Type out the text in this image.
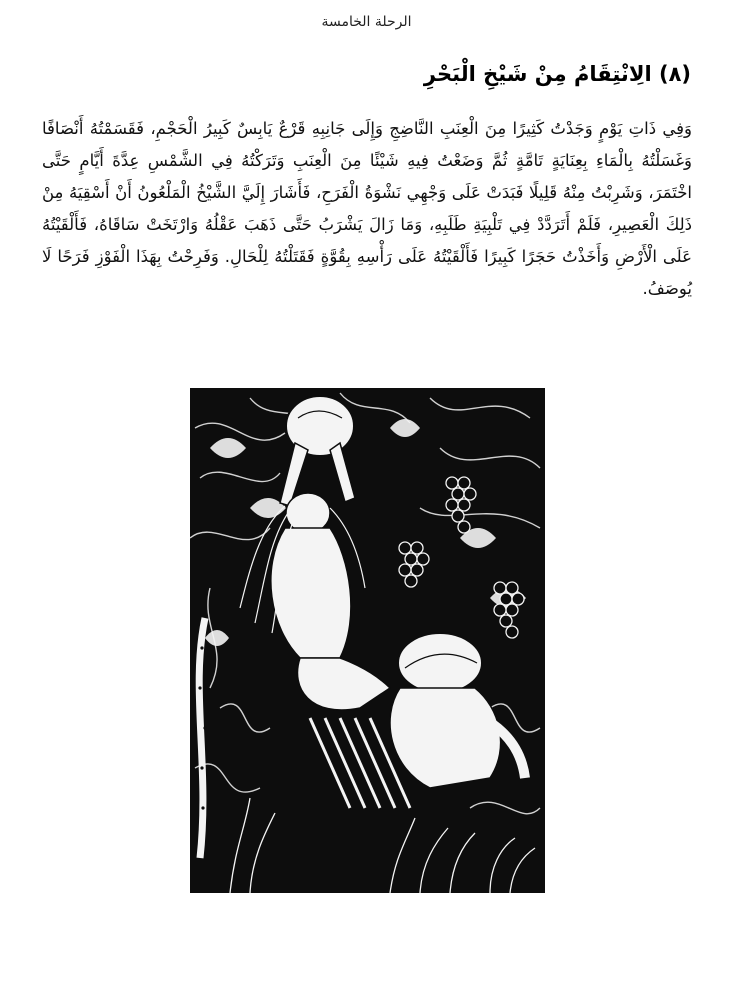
الرحلة الخامسة
(٨) الِانْتِقَامُ مِنْ شَيْخِ الْبَحْرِ

وَفِي ذَاتِ يَوْمٍ وَجَدْتُ كَثِيرًا مِنَ الْعِنَبِ النَّاضِجِ وَإِلَى جَانِبِهِ قَرْعٌ يَابِسٌ كَبِيرُ الْحَجْمِ، فَقَسَمْتُهُ أَنْصَافًا وَغَسَلْتُهُ بِالْمَاءِ بِعِنَايَةٍ تَامَّةٍ ثُمَّ وَضَعْتُ فِيهِ شَيْئًا مِنَ الْعِنَبِ وَتَرَكْتُهُ فِي الشَّمْسِ عِدَّةَ أَيَّامٍ حَتَّى اخْتَمَرَ، وَشَرِبْتُ مِنْهُ قَلِيلًا فَبَدَتْ عَلَى وَجْهِي نَشْوَةُ الْفَرَحِ، فَأَشَارَ إِلَيَّ الشَّيْخُ الْمَلْعُونُ أَنْ أَسْقِيَهُ مِنْ ذَلِكَ الْعَصِيرِ، فَلَمْ أَتَرَدَّدْ فِي تَلْبِيَةِ طَلَبِهِ، وَمَا زَالَ يَشْرَبُ حَتَّى ذَهَبَ عَقْلُهُ وَارْتَخَتْ سَاقَاهُ، فَأَلْقَيْتُهُ عَلَى الْأَرْضِ وَأَخَذْتُ حَجَرًا كَبِيرًا فَأَلْقَيْتُهُ عَلَى رَأْسِهِ بِقُوَّةٍ فَقَتَلْتُهُ لِلْحَالِ. وَفَرِحْتُ بِهَذَا الْفَوْزِ فَرَحًا لَا يُوصَفُ.
